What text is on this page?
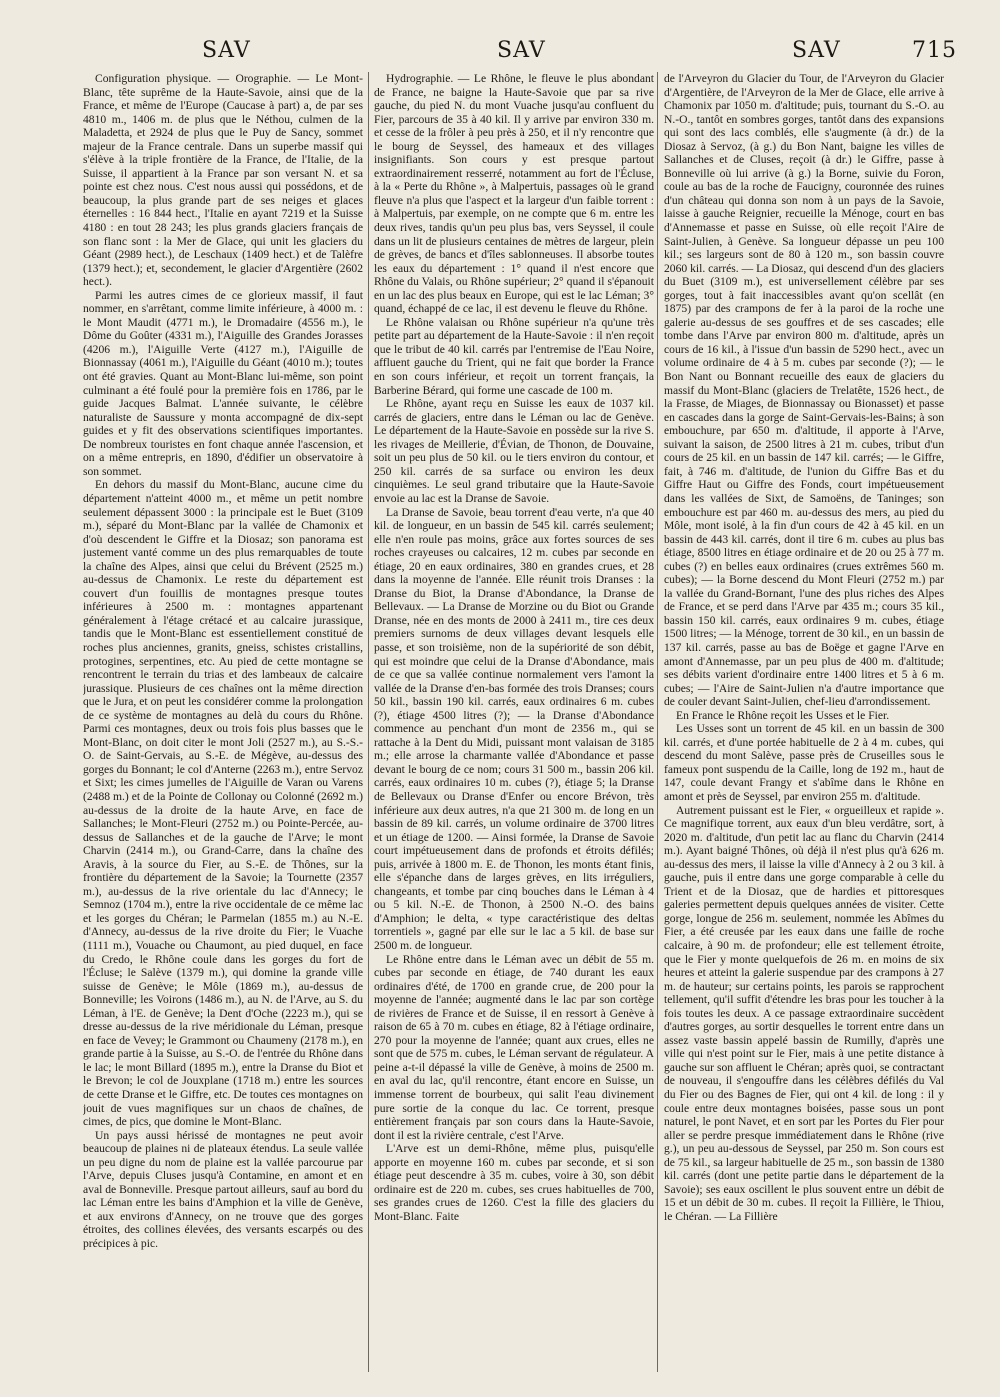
SAV	SAV	SAV	715

Configuration physique. — Orographie. — Le Mont-Blanc, tête suprême de la Haute-Savoie, ainsi que de la France, et même de l'Europe (Caucase à part) a, de par ses 4810 m., 1406 m. de plus que le Néthou, culmen de la Maladetta, et 2924 de plus que le Puy de Sancy, sommet majeur de la France centrale. Dans un superbe massif qui s'élève à la triple frontière de la France, de l'Italie, de la Suisse, il appartient à la France par son versant N. et sa pointe est chez nous. C'est nous aussi qui possédons, et de beaucoup, la plus grande part de ses neiges et glaces éternelles : 16 844 hect., l'Italie en ayant 7219 et la Suisse 4180 : en tout 28 243; les plus grands glaciers français de son flanc sont : la Mer de Glace, qui unit les glaciers du Géant (2989 hect.), de Leschaux (1409 hect.) et de Talèfre (1379 hect.); et, secondement, le glacier d'Argentière (2602 hect.).

Parmi les autres cimes de ce glorieux massif, il faut nommer, en s'arrêtant, comme limite inférieure, à 4000 m. : le Mont Maudit (4771 m.), le Dromadaire (4556 m.), le Dôme du Goûter (4331 m.), l'Aiguille des Grandes Jorasses (4206 m.), l'Aiguille Verte (4127 m.), l'Aiguille de Bionnassay (4061 m.), l'Aiguille du Géant (4010 m.); toutes ont été gravies. Quant au Mont-Blanc lui-même, son point culminant a été foulé pour la première fois en 1786, par le guide Jacques Balmat. L'année suivante, le célèbre naturaliste de Saussure y monta accompagné de dix-sept guides et y fit des observations scientifiques importantes. De nombreux touristes en font chaque année l'ascension, et on a même entrepris, en 1890, d'édifier un observatoire à son sommet.

En dehors du massif du Mont-Blanc, aucune cime du département n'atteint 4000 m., et même un petit nombre seulement dépassent 3000 : la principale est le Buet (3109 m.), séparé du Mont-Blanc par la vallée de Chamonix et d'où descendent le Giffre et la Diosaz; son panorama est justement vanté comme un des plus remarquables de toute la chaîne des Alpes, ainsi que celui du Brévent (2525 m.) au-dessus de Chamonix. Le reste du département est couvert d'un fouillis de montagnes presque toutes inférieures à 2500 m. : montagnes appartenant généralement à l'étage crétacé et au calcaire jurassique, tandis que le Mont-Blanc est essentiellement constitué de roches plus anciennes, granits, gneiss, schistes cristallins, protogines, serpentines, etc. Au pied de cette montagne se rencontrent le terrain du trias et des lambeaux de calcaire jurassique. Plusieurs de ces chaînes ont la même direction que le Jura, et on peut les considérer comme la prolongation de ce système de montagnes au delà du cours du Rhône. Parmi ces montagnes, deux ou trois fois plus basses que le Mont-Blanc, on doit citer le mont Joli (2527 m.), au S.-S.-O. de Saint-Gervais, au S.-E. de Mégève, au-dessus des gorges du Bonnant; le col d'Anterne (2263 m.), entre Servoz et Sixt; les cimes jumelles de l'Aiguille de Varan ou Varens (2488 m.) et de la Pointe de Collonay ou Colonné (2692 m.) au-dessus de la droite de la haute Arve, en face de Sallanches; le Mont-Fleuri (2752 m.) ou Pointe-Percée, au-dessus de Sallanches et de la gauche de l'Arve; le mont Charvin (2414 m.), ou Grand-Carre, dans la chaîne des Aravis, à la source du Fier, au S.-E. de Thônes, sur la frontière du département de la Savoie; la Tournette (2357 m.), au-dessus de la rive orientale du lac d'Annecy; le Semnoz (1704 m.), entre la rive occidentale de ce même lac et les gorges du Chéran; le Parmelan (1855 m.) au N.-E. d'Annecy, au-dessus de la rive droite du Fier; le Vuache (1111 m.), Vouache ou Chaumont, au pied duquel, en face du Credo, le Rhône coule dans les gorges du fort de l'Écluse; le Salève (1379 m.), qui domine la grande ville suisse de Genève; le Môle (1869 m.), au-dessus de Bonneville; les Voirons (1486 m.), au N. de l'Arve, au S. du Léman, à l'E. de Genève; la Dent d'Oche (2223 m.), qui se dresse au-dessus de la rive méridionale du Léman, presque en face de Vevey; le Grammont ou Chaumeny (2178 m.), en grande partie à la Suisse, au S.-O. de l'entrée du Rhône dans le lac; le mont Billard (1895 m.), entre la Dranse du Biot et le Brevon; le col de Jouxplane (1718 m.) entre les sources de cette Dranse et le Giffre, etc. De toutes ces montagnes on jouit de vues magnifiques sur un chaos de chaînes, de cimes, de pics, que domine le Mont-Blanc.

Un pays aussi hérissé de montagnes ne peut avoir beaucoup de plaines ni de plateaux étendus. La seule vallée un peu digne du nom de plaine est la vallée parcourue par l'Arve, depuis Cluses jusqu'à Contamine, en amont et en aval de Bonneville. Presque partout ailleurs, sauf au bord du lac Léman entre les bains d'Amphion et la ville de Genève, et aux environs d'Annecy, on ne trouve que des gorges étroites, des collines élevées, des versants escarpés ou des précipices à pic.

Hydrographie. — Le Rhône, le fleuve le plus abondant de France, ne baigne la Haute-Savoie que par sa rive gauche, du pied N. du mont Vuache jusqu'au confluent du Fier, parcours de 35 à 40 kil. Il y arrive par environ 330 m. et cesse de la frôler à peu près à 250, et il n'y rencontre que le bourg de Seyssel, des hameaux et des villages insignifiants. Son cours y est presque partout extraordinairement resserré, notamment au fort de l'Écluse, à la « Perte du Rhône », à Malpertuis, passages où le grand fleuve n'a plus que l'aspect et la largeur d'un faible torrent : à Malpertuis, par exemple, on ne compte que 6 m. entre les deux rives, tandis qu'un peu plus bas, vers Seyssel, il coule dans un lit de plusieurs centaines de mètres de largeur, plein de grèves, de bancs et d'îles sablonneuses. Il absorbe toutes les eaux du département : 1° quand il n'est encore que Rhône du Valais, ou Rhône supérieur; 2° quand il s'épanouit en un lac des plus beaux en Europe, qui est le lac Léman; 3° quand, échappé de ce lac, il est devenu le fleuve du Rhône.

Le Rhône valaisan ou Rhône supérieur n'a qu'une très petite part au département de la Haute-Savoie : il n'en reçoit que le tribut de 40 kil. carrés par l'entremise de l'Eau Noire, affluent gauche du Trient, qui ne fait que border la France en son cours inférieur, et reçoit un torrent français, la Barberine Bérard, qui forme une cascade de 100 m.

Le Rhône, ayant reçu en Suisse les eaux de 1037 kil. carrés de glaciers, entre dans le Léman ou lac de Genève. Le département de la Haute-Savoie en possède sur la rive S. les rivages de Meillerie, d'Évian, de Thonon, de Douvaine, soit un peu plus de 50 kil. ou le tiers environ du contour, et 250 kil. carrés de sa surface ou environ les deux cinquièmes. Le seul grand tributaire que la Haute-Savoie envoie au lac est la Dranse de Savoie.

La Dranse de Savoie, beau torrent d'eau verte, n'a que 40 kil. de longueur, en un bassin de 545 kil. carrés seulement; elle n'en roule pas moins, grâce aux fortes sources de ses roches crayeuses ou calcaires, 12 m. cubes par seconde en étiage, 20 en eaux ordinaires, 380 en grandes crues, et 28 dans la moyenne de l'année. Elle réunit trois Dranses : la Dranse du Biot, la Dranse d'Abondance, la Dranse de Bellevaux. — La Dranse de Morzine ou du Biot ou Grande Dranse, née en des monts de 2000 à 2411 m., tire ces deux premiers surnoms de deux villages devant lesquels elle passe, et son troisième, non de la supériorité de son débit, qui est moindre que celui de la Dranse d'Abondance, mais de ce que sa vallée continue normalement vers l'amont la vallée de la Dranse d'en-bas formée des trois Dranses; cours 50 kil., bassin 190 kil. carrés, eaux ordinaires 6 m. cubes (?), étiage 4500 litres (?); — la Dranse d'Abondance commence au penchant d'un mont de 2356 m., qui se rattache à la Dent du Midi, puissant mont valaisan de 3185 m.; elle arrose la charmante vallée d'Abondance et passe devant le bourg de ce nom; cours 31 500 m., bassin 206 kil. carrés, eaux ordinaires 10 m. cubes (?), étiage 5; la Dranse de Bellevaux ou Dranse d'Enfer ou encore Brévon, très inférieure aux deux autres, n'a que 21 300 m. de long en un bassin de 89 kil. carrés, un volume ordinaire de 3700 litres et un étiage de 1200. — Ainsi formée, la Dranse de Savoie court impétueusement dans de profonds et étroits défilés; puis, arrivée à 1800 m. E. de Thonon, les monts étant finis, elle s'épanche dans de larges grèves, en lits irréguliers, changeants, et tombe par cinq bouches dans le Léman à 4 ou 5 kil. N.-E. de Thonon, à 2500 N.-O. des bains d'Amphion; le delta, « type caractéristique des deltas torrentiels », gagné par elle sur le lac a 5 kil. de base sur 2500 m. de longueur.

Le Rhône entre dans le Léman avec un débit de 55 m. cubes par seconde en étiage, de 740 durant les eaux ordinaires d'été, de 1700 en grande crue, de 200 pour la moyenne de l'année; augmenté dans le lac par son cortège de rivières de France et de Suisse, il en ressort à Genève à raison de 65 à 70 m. cubes en étiage, 82 à l'étiage ordinaire, 270 pour la moyenne de l'année; quant aux crues, elles ne sont que de 575 m. cubes, le Léman servant de régulateur. A peine a-t-il dépassé la ville de Genève, à moins de 2500 m. en aval du lac, qu'il rencontre, étant encore en Suisse, un immense torrent de bourbeux, qui salit l'eau divinement pure sortie de la conque du lac. Ce torrent, presque entièrement français par son cours dans la Haute-Savoie, dont il est la rivière centrale, c'est l'Arve.

L'Arve est un demi-Rhône, même plus, puisqu'elle apporte en moyenne 160 m. cubes par seconde, et si son étiage peut descendre à 35 m. cubes, voire à 30, son débit ordinaire est de 220 m. cubes, ses crues habituelles de 700, ses grandes crues de 1260. C'est la fille des glaciers du Mont-Blanc. Faite

de l'Arveyron du Glacier du Tour, de l'Arveyron du Glacier d'Argentière, de l'Arveyron de la Mer de Glace, elle arrive à Chamonix par 1050 m. d'altitude; puis, tournant du S.-O. au N.-O., tantôt en sombres gorges, tantôt dans des expansions qui sont des lacs comblés, elle s'augmente (à dr.) de la Diosaz à Servoz, (à g.) du Bon Nant, baigne les villes de Sallanches et de Cluses, reçoit (à dr.) le Giffre, passe à Bonneville où lui arrive (à g.) la Borne, suivie du Foron, coule au bas de la roche de Faucigny, couronnée des ruines d'un château qui donna son nom à un pays de la Savoie, laisse à gauche Reignier, recueille la Ménoge, court en bas d'Annemasse et passe en Suisse, où elle reçoit l'Aire de Saint-Julien, à Genève. Sa longueur dépasse un peu 100 kil.; ses largeurs sont de 80 à 120 m., son bassin couvre 2060 kil. carrés. — La Diosaz, qui descend d'un des glaciers du Buet (3109 m.), est universellement célèbre par ses gorges, tout à fait inaccessibles avant qu'on scellât (en 1875) par des crampons de fer à la paroi de la roche une galerie au-dessus de ses gouffres et de ses cascades; elle tombe dans l'Arve par environ 800 m. d'altitude, après un cours de 16 kil., à l'issue d'un bassin de 5290 hect., avec un volume ordinaire de 4 à 5 m. cubes par seconde (?); — le Bon Nant ou Bonnant recueille des eaux de glaciers du massif du Mont-Blanc (glaciers de Trelatête, 1526 hect., de la Frasse, de Miages, de Bionnassay ou Bionasset) et passe en cascades dans la gorge de Saint-Gervais-les-Bains; à son embouchure, par 650 m. d'altitude, il apporte à l'Arve, suivant la saison, de 2500 litres à 21 m. cubes, tribut d'un cours de 25 kil. en un bassin de 147 kil. carrés; — le Giffre, fait, à 746 m. d'altitude, de l'union du Giffre Bas et du Giffre Haut ou Giffre des Fonds, court impétueusement dans les vallées de Sixt, de Samoëns, de Taninges; son embouchure est par 460 m. au-dessus des mers, au pied du Môle, mont isolé, à la fin d'un cours de 42 à 45 kil. en un bassin de 443 kil. carrés, dont il tire 6 m. cubes au plus bas étiage, 8500 litres en étiage ordinaire et de 20 ou 25 à 77 m. cubes (?) en belles eaux ordinaires (crues extrêmes 560 m. cubes); — la Borne descend du Mont Fleuri (2752 m.) par la vallée du Grand-Bornant, l'une des plus riches des Alpes de France, et se perd dans l'Arve par 435 m.; cours 35 kil., bassin 150 kil. carrés, eaux ordinaires 9 m. cubes, étiage 1500 litres; — la Ménoge, torrent de 30 kil., en un bassin de 137 kil. carrés, passe au bas de Boëge et gagne l'Arve en amont d'Annemasse, par un peu plus de 400 m. d'altitude; ses débits varient d'ordinaire entre 1400 litres et 5 à 6 m. cubes; — l'Aire de Saint-Julien n'a d'autre importance que de couler devant Saint-Julien, chef-lieu d'arrondissement.

En France le Rhône reçoit les Usses et le Fier.

Les Usses sont un torrent de 45 kil. en un bassin de 300 kil. carrés, et d'une portée habituelle de 2 à 4 m. cubes, qui descend du mont Salève, passe près de Cruseilles sous le fameux pont suspendu de la Caille, long de 192 m., haut de 147, coule devant Frangy et s'abîme dans le Rhône en amont et près de Seyssel, par environ 255 m. d'altitude.

Autrement puissant est le Fier, « orgueilleux et rapide ». Ce magnifique torrent, aux eaux d'un bleu verdâtre, sort, à 2020 m. d'altitude, d'un petit lac au flanc du Charvin (2414 m.). Ayant baigné Thônes, où déjà il n'est plus qu'à 626 m. au-dessus des mers, il laisse la ville d'Annecy à 2 ou 3 kil. à gauche, puis il entre dans une gorge comparable à celle du Trient et de la Diosaz, que de hardies et pittoresques galeries permettent depuis quelques années de visiter. Cette gorge, longue de 256 m. seulement, nommée les Abîmes du Fier, a été creusée par les eaux dans une faille de roche calcaire, à 90 m. de profondeur; elle est tellement étroite, que le Fier y monte quelquefois de 26 m. en moins de six heures et atteint la galerie suspendue par des crampons à 27 m. de hauteur; sur certains points, les parois se rapprochent tellement, qu'il suffit d'étendre les bras pour les toucher à la fois toutes les deux. A ce passage extraordinaire succèdent d'autres gorges, au sortir desquelles le torrent entre dans un assez vaste bassin appelé bassin de Rumilly, d'après une ville qui n'est point sur le Fier, mais à une petite distance à gauche sur son affluent le Chéran; après quoi, se contractant de nouveau, il s'engouffre dans les célèbres défilés du Val du Fier ou des Bagnes de Fier, qui ont 4 kil. de long : il y coule entre deux montagnes boisées, passe sous un pont naturel, le pont Navet, et en sort par les Portes du Fier pour aller se perdre presque immédiatement dans le Rhône (rive g.), un peu au-dessous de Seyssel, par 250 m. Son cours est de 75 kil., sa largeur habituelle de 25 m., son bassin de 1380 kil. carrés (dont une petite partie dans le département de la Savoie); ses eaux oscillent le plus souvent entre un débit de 15 et un débit de 30 m. cubes. Il reçoit la Fillière, le Thiou, le Chéran. — La Fillière
